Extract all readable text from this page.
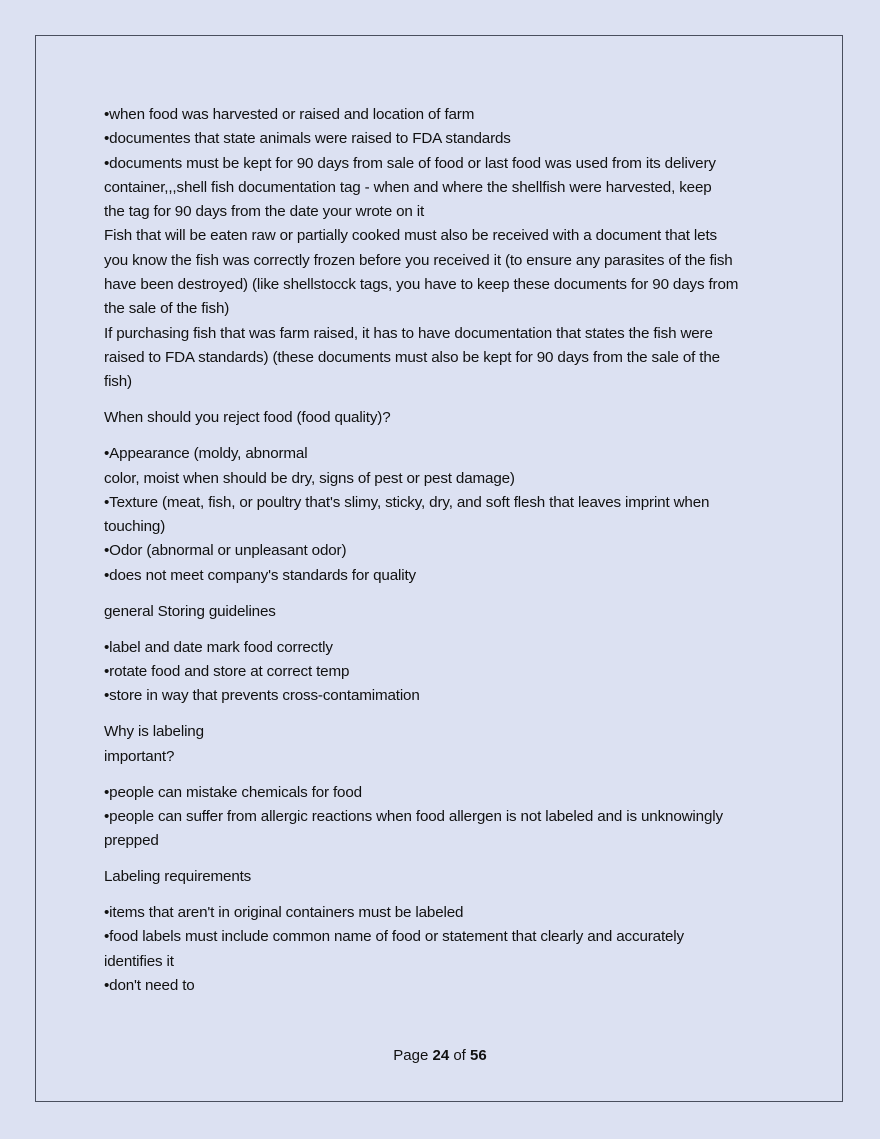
•when food was harvested or raised and location of farm
•documentes that state animals were raised to FDA standards
•documents must be kept for 90 days from sale of food or last food was used from its delivery
container,,,shell fish documentation tag - when and where the shellfish were harvested, keep
the tag for 90 days from the date your wrote on it
Fish that will be eaten raw or partially cooked must also be received with a document that lets
you know the fish was correctly frozen before you received it (to ensure any parasites of the fish
have been destroyed) (like shellstocck tags, you have to keep these documents for 90 days from
the sale of the fish)
If purchasing fish that was farm raised, it has to have documentation that states the fish were
raised to FDA standards) (these documents must also be kept for 90 days from the sale of the
fish)
When should you reject food (food quality)?
•Appearance (moldy, abnormal
color, moist when should be dry, signs of pest or pest damage)
•Texture (meat, fish, or poultry that's slimy, sticky, dry, and soft flesh that leaves imprint when
touching)
•Odor (abnormal or unpleasant odor)
•does not meet company's standards for quality
general Storing guidelines
•label and date mark food correctly
•rotate food and store at correct temp
•store in way that prevents cross-contamimation
Why is labeling
important?
•people can mistake chemicals for food
•people can suffer from allergic reactions when food allergen is not labeled and is unknowingly
prepped
Labeling requirements
•items that aren't in original containers must be labeled
•food labels must include common name of food or statement that clearly and accurately
identifies it
•don't need to
Page 24 of 56
